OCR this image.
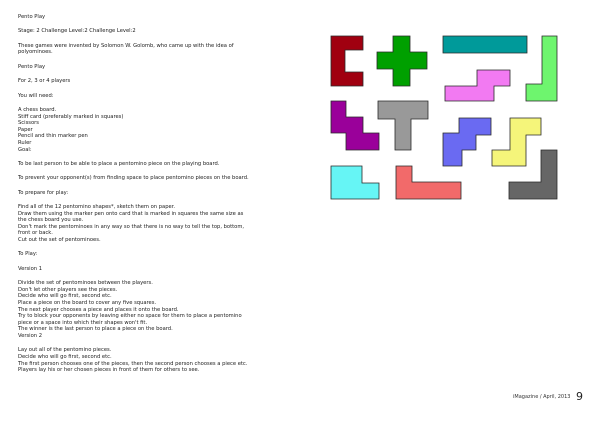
Pento Play
Stage: 2 Challenge Level:2 Challenge Level:2
These games were invented by Solomon W. Golomb, who came up with the idea of
polyominoes.
Pento Play
For 2, 3 or 4 players
You will need:
A chess board.
Stiff card (preferably marked in squares)
Scissors
Paper
Pencil and thin marker pen
Ruler
Goal:
To be last person to be able to place a pentomino piece on the playing board.
To prevent your opponent(s) from finding space to place pentomino pieces on the board.
To prepare for play:
Find all of the 12 pentomino shapes*, sketch them on paper.
Draw them using the marker pen onto card that is marked in squares the same size as
the chess board you use.
Don't mark the pentominoes in any way so that there is no way to tell the top, bottom,
front or back.
Cut out the set of pentominoes.
To Play:
Version 1
Divide the set of pentominoes between the players.
Don't let other players see the pieces.
Decide who will go first, second etc.
Place a piece on the board to cover any five squares.
The next player chooses a piece and places it onto the board.
Try to block your opponents by leaving either no space for them to place a pentomino
piece or a space into which their shapes won't fit.
The winner is the last person to place a piece on the board.
Version 2
Lay out all of the pentomino pieces.
Decide who will go first, second etc.
The first person chooses one of the pieces, then the second person chooses a piece etc.
Players lay his or her chosen pieces in front of them for others to see.
iMagazine / April, 2013 9
